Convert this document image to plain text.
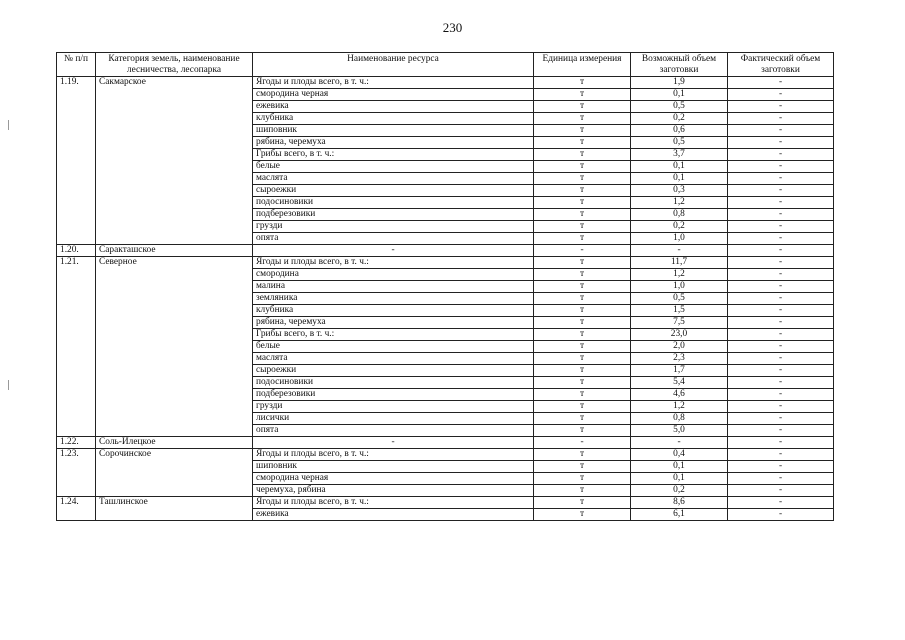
230
№ п/п	Категория земель, наименование лесничества, лесопарка	Наименование ресурса	Единица измерения	Возможный объем заготовки	Фактический объем заготовки
1.19.	Сакмарское	Ягоды и плоды всего, в т. ч.:	т	1,9	-
		смородина черная	т	0,1	-
		ежевика	т	0,5	-
		клубника	т	0,2	-
		шиповник	т	0,6	-
		рябина, черемуха	т	0,5	-
		Грибы всего, в т. ч.:	т	3,7	-
		белые	т	0,1	-
		маслята	т	0,1	-
		сыроежки	т	0,3	-
		подосиновики	т	1,2	-
		подберезовики	т	0,8	-
		грузди	т	0,2	-
		опята	т	1,0	-
1.20.	Саракташское	-	-	-	-
1.21.	Северное	Ягоды и плоды всего, в т. ч.:	т	11,7	-
		смородина	т	1,2	-
		малина	т	1,0	-
		земляника	т	0,5	-
		клубника	т	1,5	-
		рябина, черемуха	т	7,5	-
		Грибы всего, в т. ч.:	т	23,0	-
		белые	т	2,0	-
		маслята	т	2,3	-
		сыроежки	т	1,7	-
		подосиновики	т	5,4	-
		подберезовики	т	4,6	-
		грузди	т	1,2	-
		лисички	т	0,8	-
		опята	т	5,0	-
1.22.	Соль-Илецкое	-	-	-	-
1.23.	Сорочинское	Ягоды и плоды всего, в т. ч.:	т	0,4	-
		шиповник	т	0,1	-
		смородина черная	т	0,1	-
		черемуха, рябина	т	0,2	-
1.24.	Ташлинское	Ягоды и плоды всего, в т. ч.:	т	8,6	-
		ежевика	т	6,1	-
